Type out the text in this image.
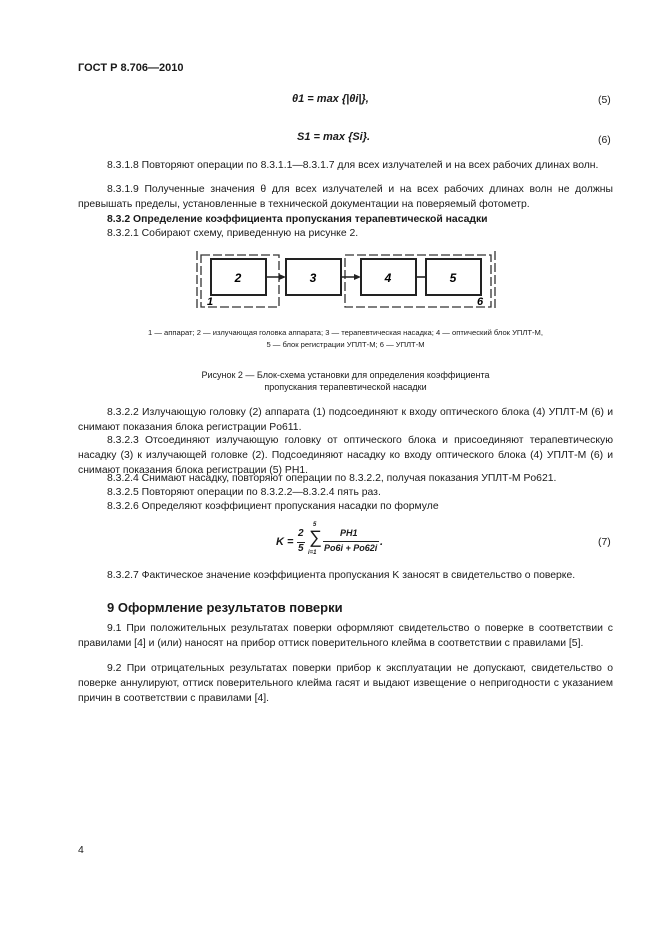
ГОСТ Р 8.706—2010
θ1 = max {|θi|},	(5)
S1 = max {Si}.	(6)
8.3.1.8 Повторяют операции по 8.3.1.1—8.3.1.7 для всех излучателей и на всех рабочих длинах волн.
8.3.1.9 Полученные значения θ для всех излучателей и на всех рабочих длинах волн не должны превышать пределы, установленные в технической документации на поверяемый фотометр.
8.3.2 Определение коэффициента пропускания терапевтической насадки
8.3.2.1 Собирают схему, приведенную на рисунке 2.
2	3	4	5
1	6
1 — аппарат; 2 — излучающая головка аппарата; 3 — терапевтическая насадка; 4 — оптический блок УПЛТ-М,
5 — блок регистрации УПЛТ-М; 6 — УПЛТ-М
Рисунок 2 — Блок-схема установки для определения коэффициента
пропускания терапевтической насадки
8.3.2.2 Излучающую головку (2) аппарата (1) подсоединяют к входу оптического блока (4) УПЛТ-М (6) и снимают показания блока регистрации Pо611.
8.3.2.3 Отсоединяют излучающую головку от оптического блока и присоединяют терапевтическую насадку (3) к излучающей головке (2). Подсоединяют насадку ко входу оптического блока (4) УПЛТ-М (6) и снимают показания блока регистрации (5) PН1.
8.3.2.4 Снимают насадку, повторяют операции по 8.3.2.2, получая показания УПЛТ-М Pо621.
8.3.2.5 Повторяют операции по 8.3.2.2—8.3.2.4 пять раз.
8.3.2.6 Определяют коэффициент пропускания насадки по формуле
K =
2
5
5
∑
i=1
PН1
Pо6i + Pо62i .	(7)
8.3.2.7 Фактическое значение коэффициента пропускания K заносят в свидетельство о поверке.
9 Оформление результатов поверки
9.1 При положительных результатах поверки оформляют свидетельство о поверке в соответствии с правилами [4] и (или) наносят на прибор оттиск поверительного клейма в соответствии с правилами [5].
9.2 При отрицательных результатах поверки прибор к эксплуатации не допускают, свидетельство о поверке аннулируют, оттиск поверительного клейма гасят и выдают извещение о непригодности с указанием причин в соответствии с правилами [4].
4
